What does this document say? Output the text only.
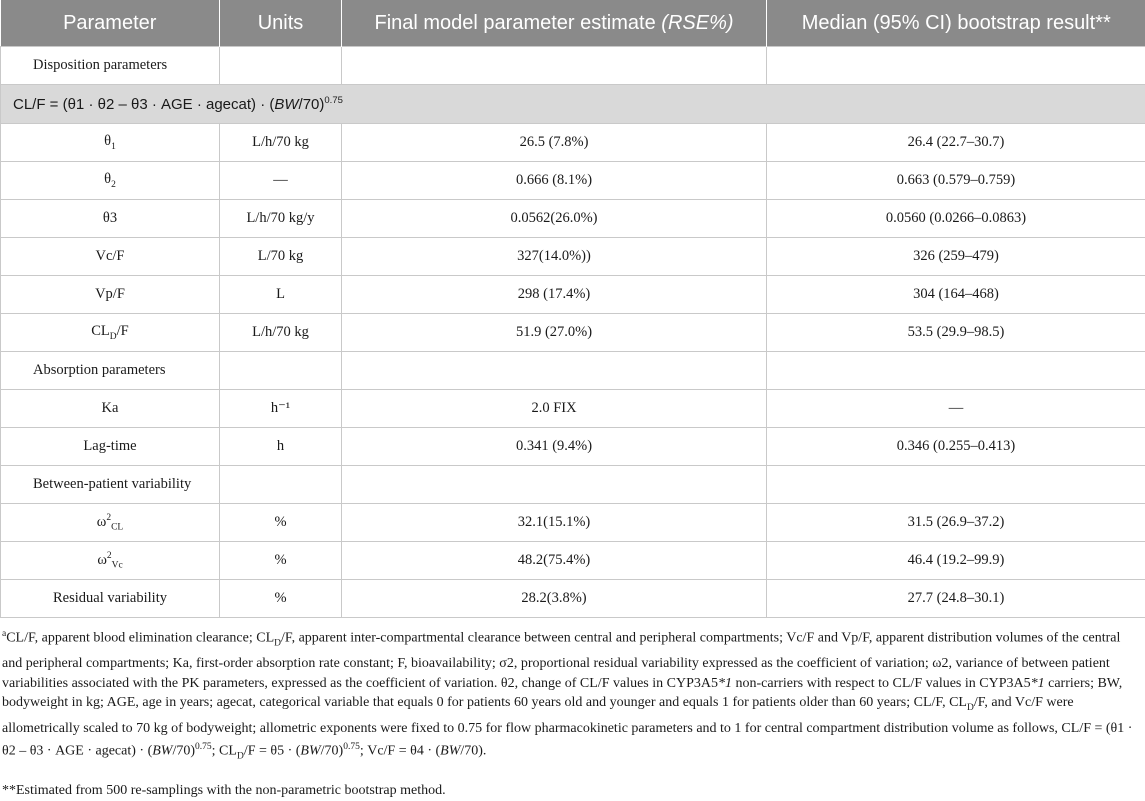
Parameter	Units	Final model parameter estimate (RSE%)	Median (95% CI) bootstrap result**
Disposition parameters			
CL/F = (θ1 · θ2 – θ3 · AGE · agecat) · $(BW/70)^{0.75}$
$\theta_1$	L/h/70 kg	26.5 (7.8%)	26.4 (22.7–30.7)
$\theta_2$	—	0.666 (8.1%)	0.663 (0.579–0.759)
θ3	L/h/70 kg/y	0.0562(26.0%)	0.0560 (0.0266–0.0863)
Vc/F	L/70 kg	327(14.0%))	326 (259–479)
Vp/F	L	298 (17.4%)	304 (164–468)
$CL_D/F$	L/h/70 kg	51.9 (27.0%)	53.5 (29.9–98.5)
Absorption parameters			
Ka	h⁻¹	2.0 FIX	—
Lag-time	h	0.341 (9.4%)	0.346 (0.255–0.413)
Between-patient variability			
$\omega^2_{CL}$	%	32.1(15.1%)	31.5 (26.9–37.2)
$\omega^2_{Vc}$	%	48.2(75.4%)	46.4 (19.2–99.9)
Residual variability	%	28.2(3.8%)	27.7 (24.8–30.1)

$^a$CL/F, apparent blood elimination clearance; $CL_D/F$, apparent inter-compartmental clearance between central and peripheral compartments; Vc/F and Vp/F, apparent distribution volumes of the central and peripheral compartments; Ka, first-order absorption rate constant; F, bioavailability; σ2, proportional residual variability expressed as the coefficient of variation; ω2, variance of between patient variabilities associated with the PK parameters, expressed as the coefficient of variation. θ2, change of CL/F values in CYP3A5*1 non-carriers with respect to CL/F values in CYP3A5*1 carriers; BW, bodyweight in kg; AGE, age in years; agecat, categorical variable that equals 0 for patients 60 years old and younger and equals 1 for patients older than 60 years; CL/F, $CL_D/F$, and Vc/F were allometrically scaled to 70 kg of bodyweight; allometric exponents were fixed to 0.75 for flow pharmacokinetic parameters and to 1 for central compartment distribution volume as follows, CL/F = (θ1 · θ2 – θ3 · AGE · agecat) · $(BW/70)^{0.75}$; $CL_D/F = \theta 5 \cdot (BW/70)^{0.75}$; Vc/F = θ4 · (BW/70).

**Estimated from 500 re-samplings with the non-parametric bootstrap method.
